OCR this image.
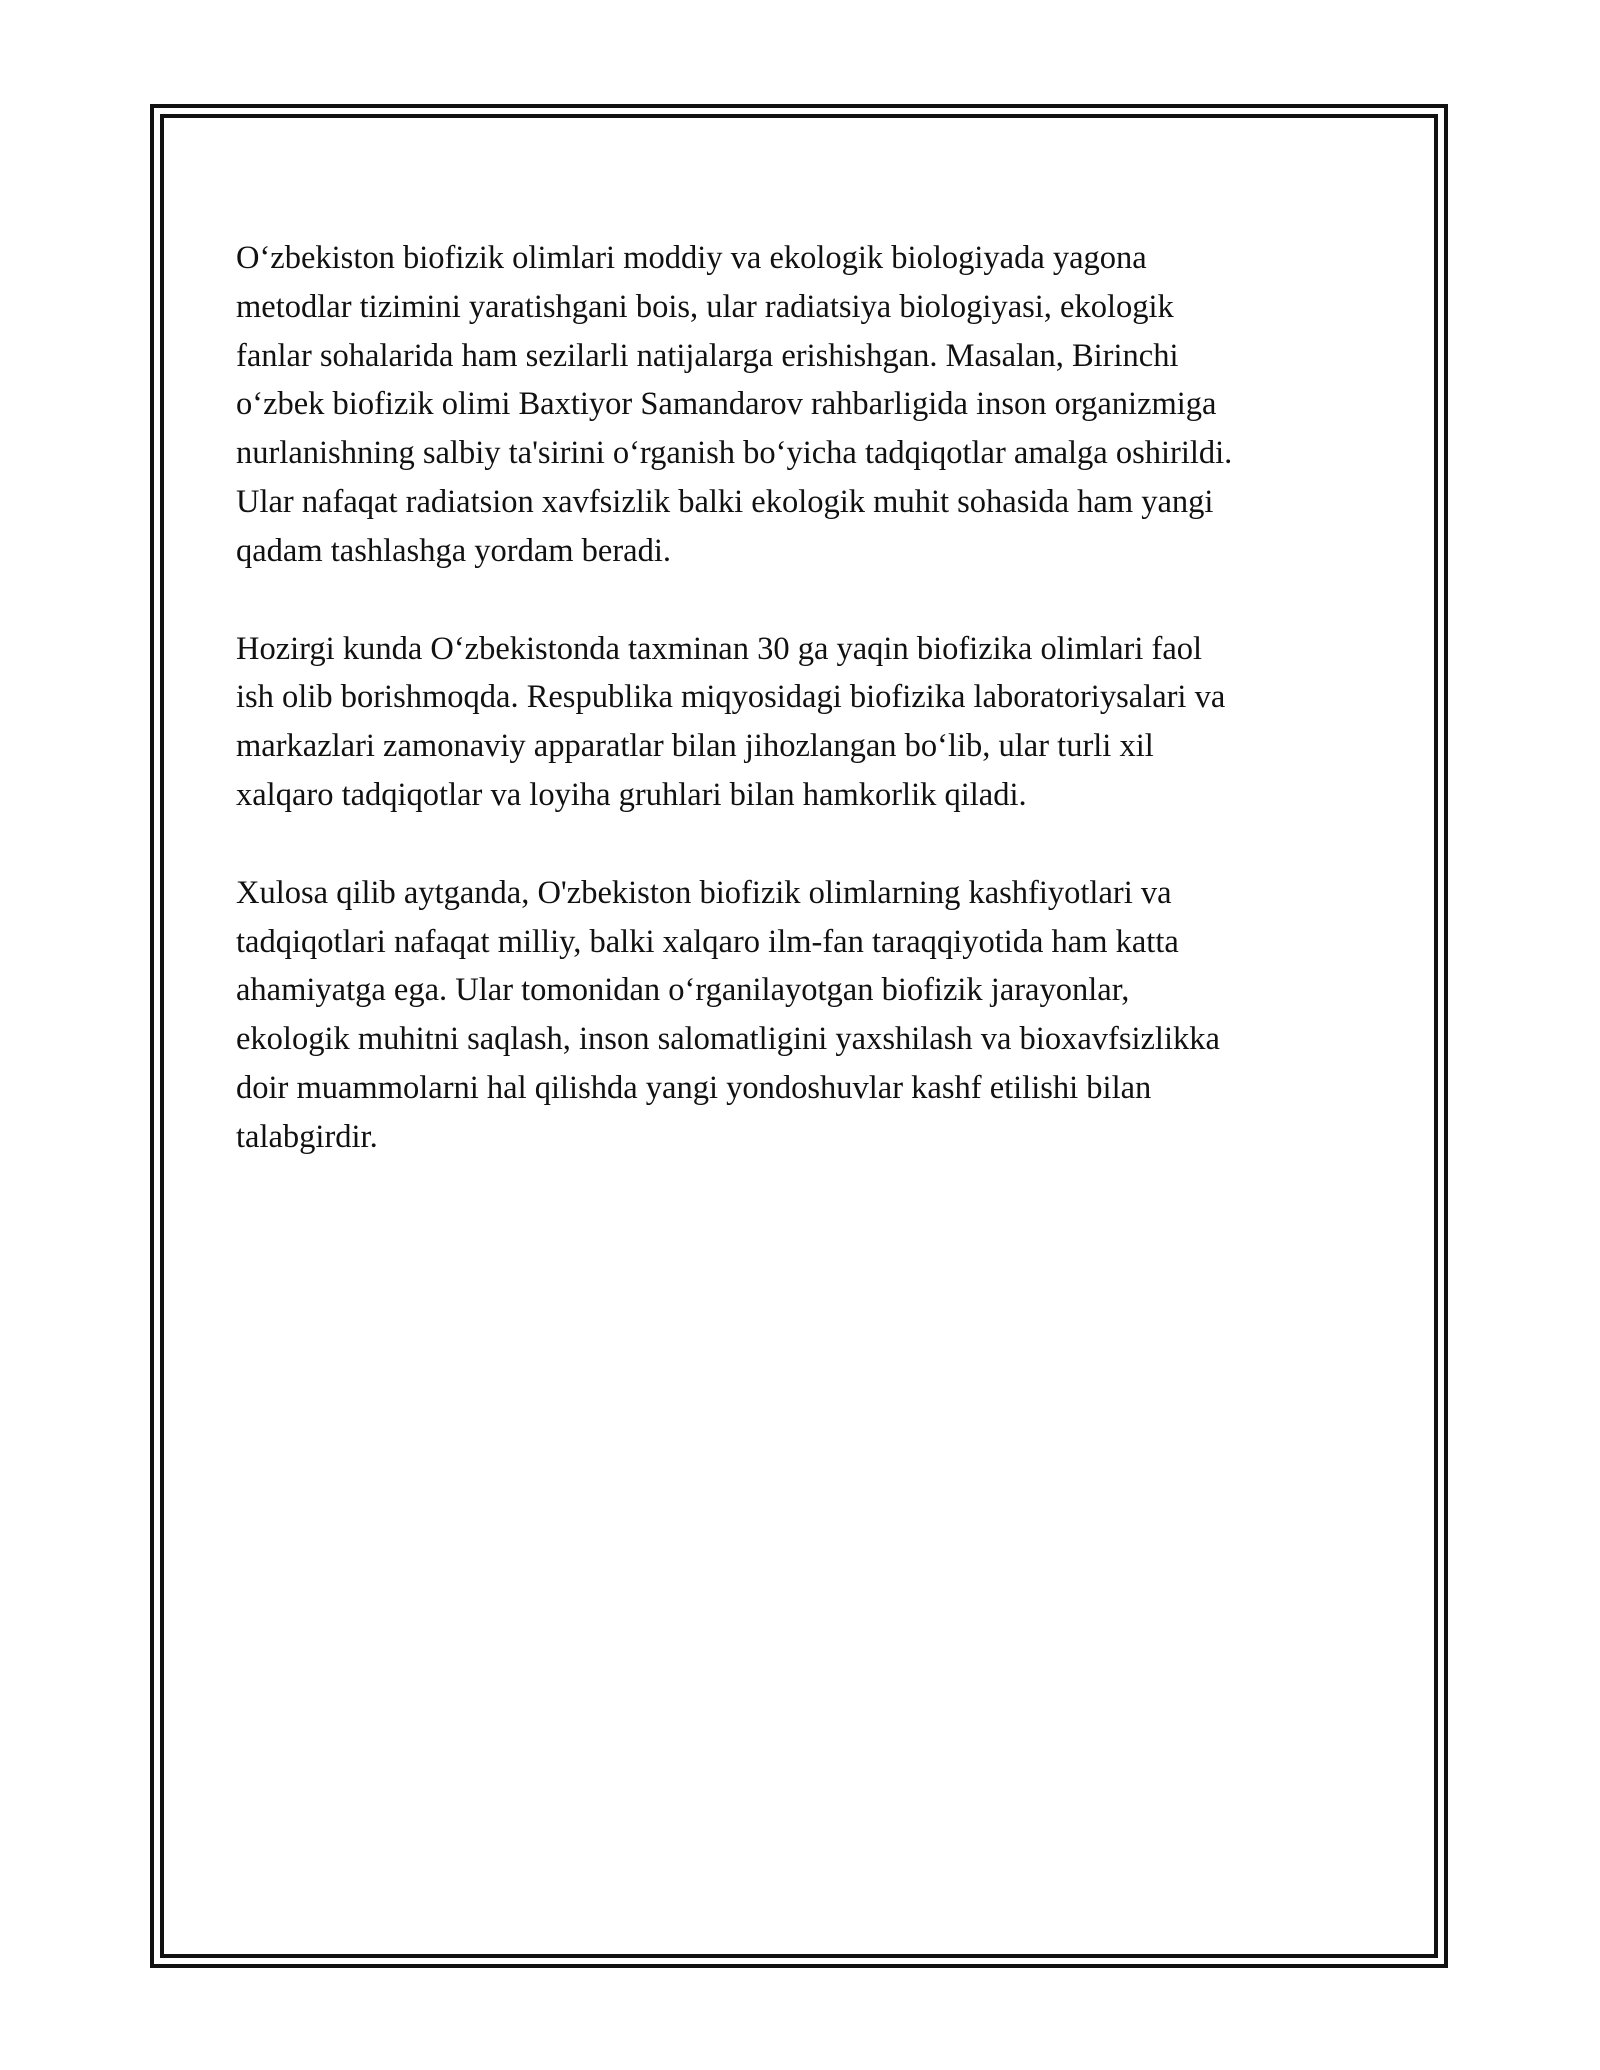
O‘zbekiston biofizik olimlari moddiy va ekologik biologiyada yagona
metodlar tizimini yaratishgani bois, ular radiatsiya biologiyasi, ekologik
fanlar sohalarida ham sezilarli natijalarga erishishgan. Masalan, Birinchi
o‘zbek biofizik olimi Baxtiyor Samandarov rahbarligida inson organizmiga
nurlanishning salbiy ta'sirini o‘rganish bo‘yicha tadqiqotlar amalga oshirildi.
Ular nafaqat radiatsion xavfsizlik balki ekologik muhit sohasida ham yangi
qadam tashlashga yordam beradi.

Hozirgi kunda O‘zbekistonda taxminan 30 ga yaqin biofizika olimlari faol
ish olib borishmoqda. Respublika miqyosidagi biofizika laboratoriysalari va
markazlari zamonaviy apparatlar bilan jihozlangan bo‘lib, ular turli xil
xalqaro tadqiqotlar va loyiha gruhlari bilan hamkorlik qiladi.

Xulosa qilib aytganda, O'zbekiston biofizik olimlarning kashfiyotlari va
tadqiqotlari nafaqat milliy, balki xalqaro ilm-fan taraqqiyotida ham katta
ahamiyatga ega. Ular tomonidan o‘rganilayotgan biofizik jarayonlar,
ekologik muhitni saqlash, inson salomatligini yaxshilash va bioxavfsizlikka
doir muammolarni hal qilishda yangi yondoshuvlar kashf etilishi bilan
talabgirdir.
